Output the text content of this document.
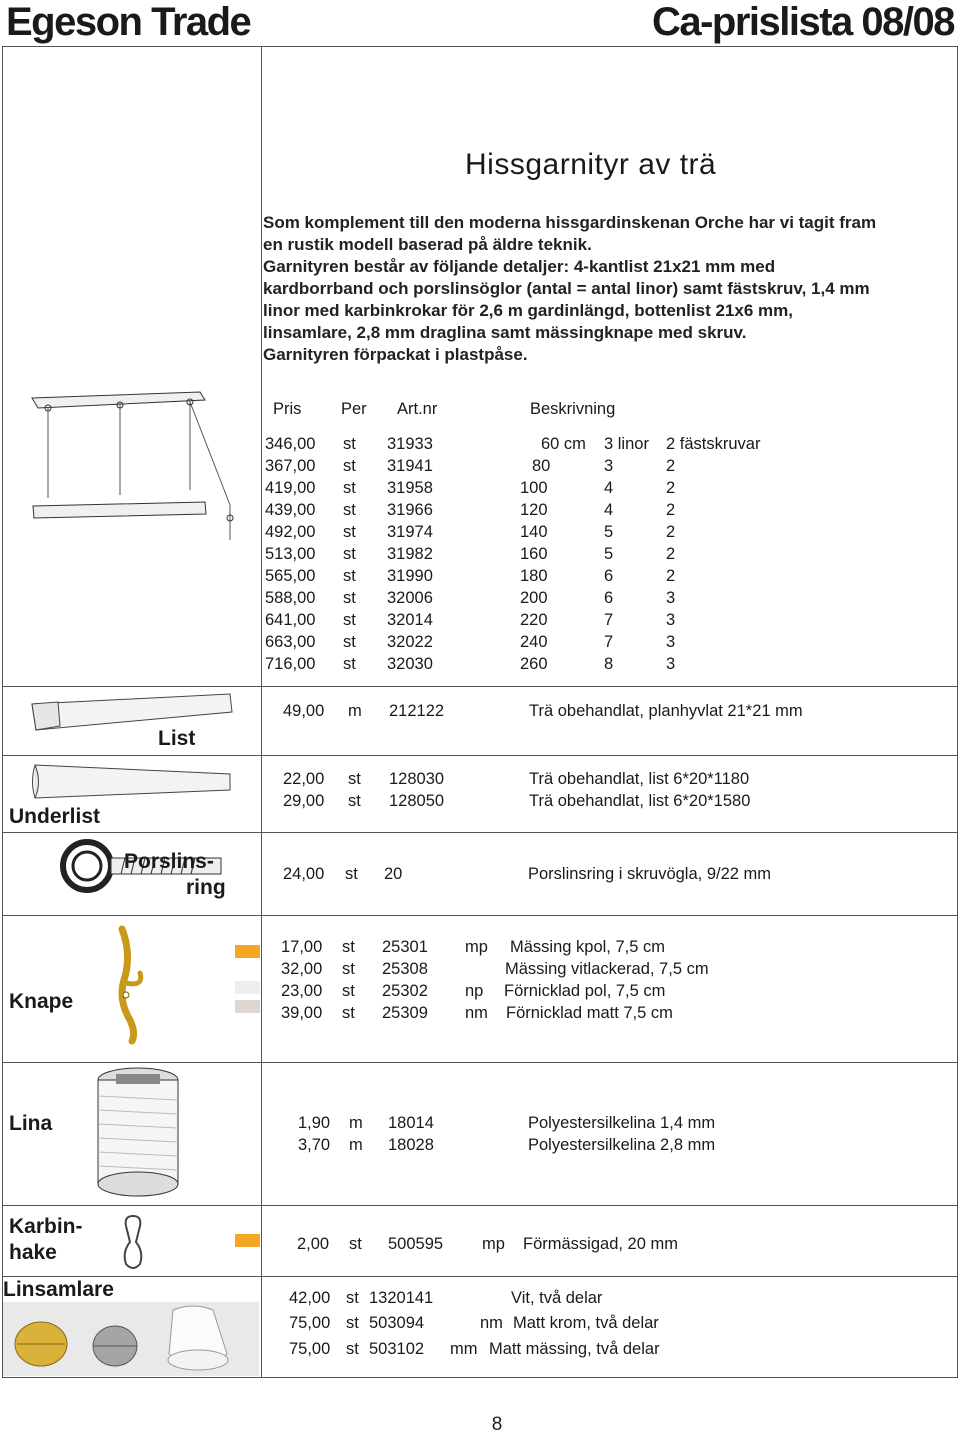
Egeson Trade	Ca-prislista 08/08
Hissgarnityr av trä
Som komplement till den moderna hissgardinskenan Orche har vi tagit fram
en rustik modell baserad på äldre teknik.
Garnityren består av följande detaljer: 4-kantlist 21x21 mm med
kardborrband och porslinsöglor (antal = antal linor) samt fästskruv, 1,4 mm
linor med karbinkrokar för 2,6 m gardinlängd, bottenlist 21x6 mm,
linsamlare, 2,8 mm draglina samt mässingknape med skruv.
Garnityren förpackat i plastpåse.
Pris Per Art.nr	Beskrivning
346,00 st 31933	60 cm 3 linor 2 fästskruvar
367,00 st 31941	80	3	2
419,00 st 31958	100	4	2
439,00 st 31966	120	4	2
492,00 st 31974	140	5	2
513,00 st 31982	160	5	2
565,00 st 31990	180	6	2
588,00 st 32006	200	6	3
641,00 st 32014	220	7	3
663,00 st 32022	240	7	3
716,00 st 32030	260	8	3
List
49,00 m 212122	Trä obehandlat, planhyvlat 21*21 mm
Underlist
22,00 st 128030	Trä obehandlat, list 6*20*1180
29,00 st 128050	Trä obehandlat, list 6*20*1580
Porslins-
ring
24,00 st 20	Porslinsring i skruvögla, 9/22 mm
Knape
17,00 st 25301 mp Mässing kpol, 7,5 cm
32,00 st 25308	Mässing vitlackerad, 7,5 cm
23,00 st 25302 np Förnicklad pol, 7,5 cm
39,00 st 25309 nm Förnicklad matt 7,5 cm
Lina	1,90 m 18014	Polyestersilkelina 1,4 mm
3,70 m 18028	Polyestersilkelina 2,8 mm
Karbin-
hake	2,00 st 500595 mp Förmässigad, 20 mm
Linsamlare	42,00 st 1320141	Vit, två delar
75,00 st 503094	nm Matt krom, två delar
75,00 st 503102 mm Matt mässing, två delar
8
